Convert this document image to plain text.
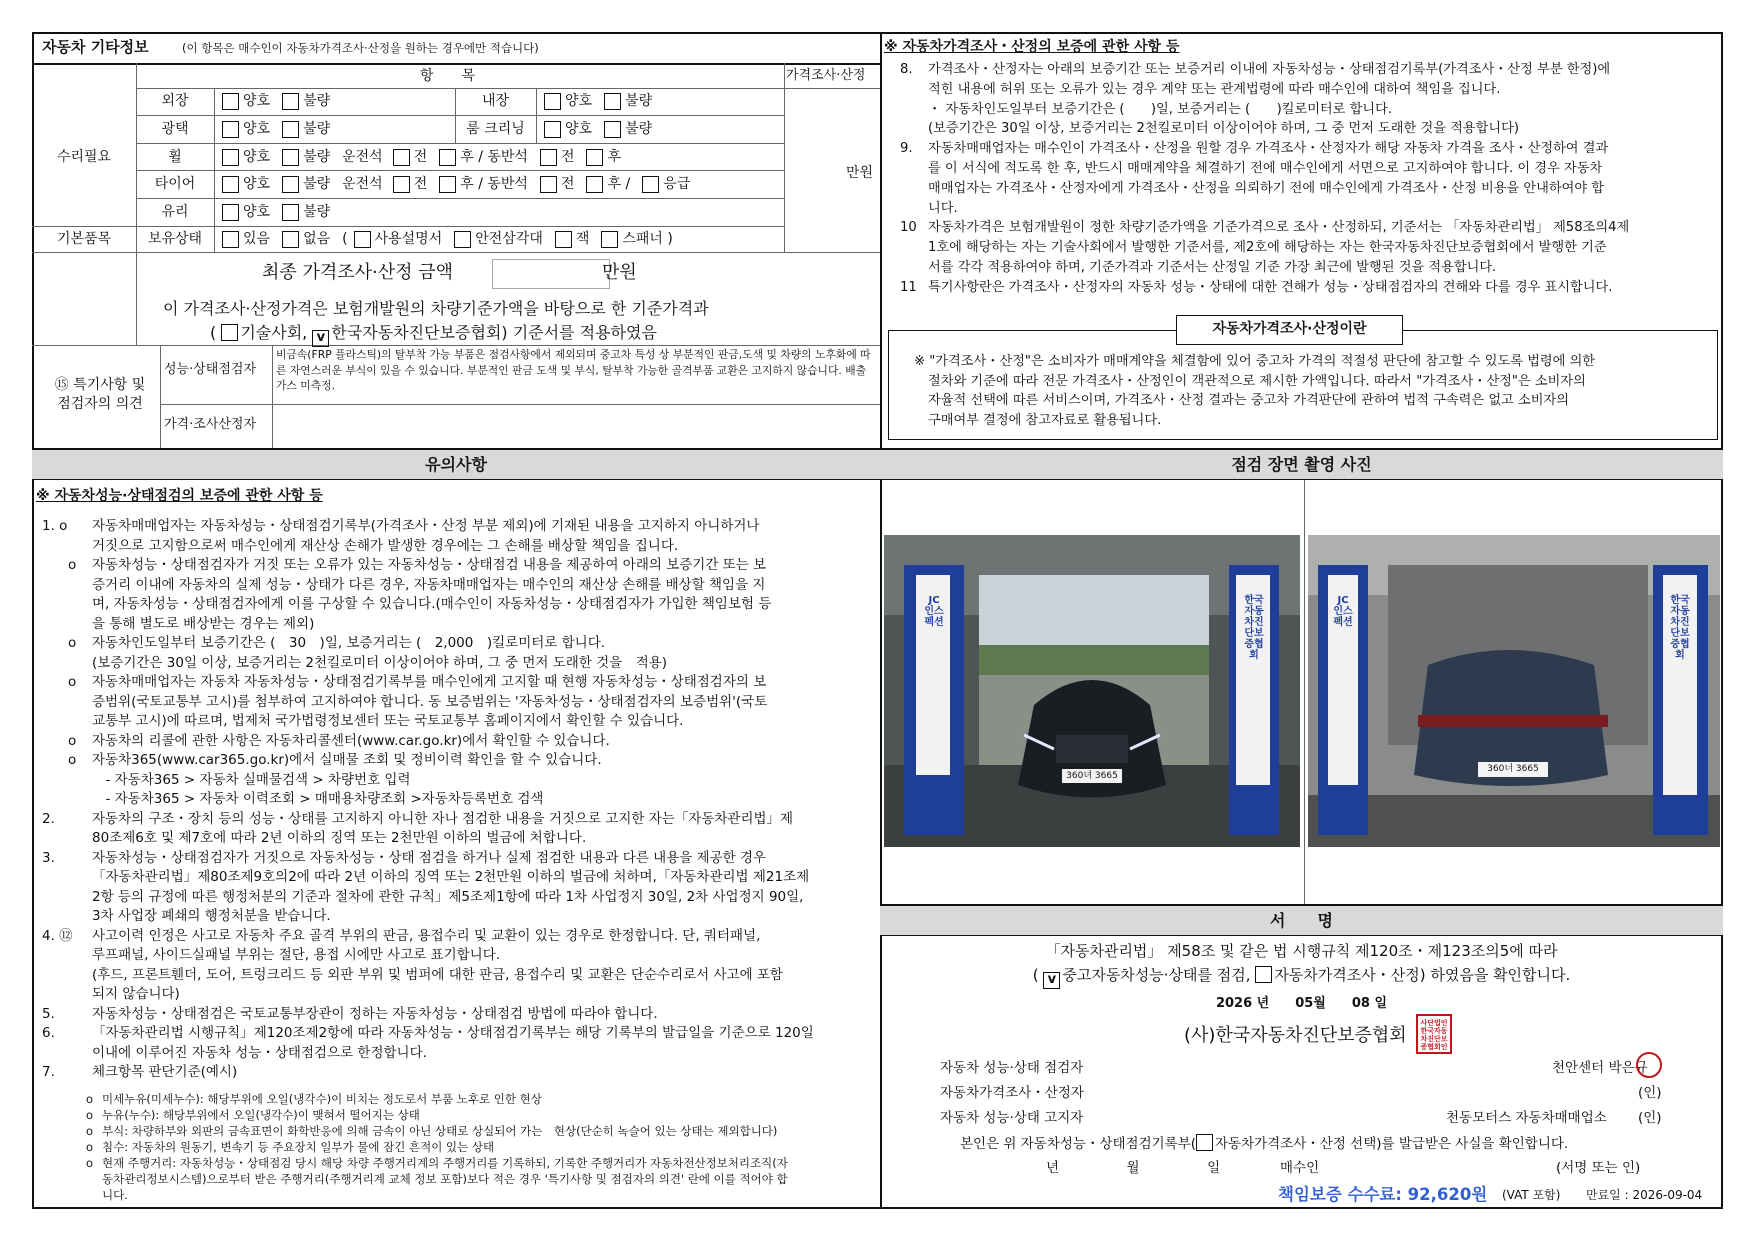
자동차 기타정보	(이 항목은 매수인이 자동차가격조사·산정을 원하는 경우에만 적습니다)
항　　목	가격조사·산정
수리필요
만원
외장	양호 불량	내장	양호 불량
광택	양호 불량	룸 크리닝	양호 불량
휠	양호 불량 운전석 전 후 / 동반석 전 후
타이어	양호 불량 운전석 전 후 / 동반석 전 후 / 응급
유리	양호 불량
기본품목	보유상태	있음 없음 ( 사용설명서 안전삼각대 잭 스패너 )
최종 가격조사·산정 금액	만원
이 가격조사·산정가격은 보험개발원의 차량기준가액을 바탕으로 한 기준가격과
( 기술사회, v 한국자동차진단보증협회) 기준서를 적용하였음
⑮ 특기사항 및
점검자의 의견
성능·상태점검자
비금속(FRP 플라스틱)의 탈부착 가능 부품은 점검사항에서 제외되며 중고차 특성 상 부분적인 판금,도색 및 차량의 노후화에 따른 자연스러운 부식이 있을 수 있습니다. 부분적인 판금 도색 및 부식, 탈부착 가능한 골격부품 교환은 고지하지 않습니다. 배출가스 미측정.
가격·조사산정자
※ 자동차가격조사・산정의 보증에 관한 사항 등
8. 가격조사・산정자는 아래의 보증기간 또는 보증거리 이내에 자동차성능・상태점검기록부(가격조사・산정 부분 한정)에
적힌 내용에 허위 또는 오류가 있는 경우 계약 또는 관계법령에 따라 매수인에 대하여 책임을 집니다.
・ 자동차인도일부터 보증기간은 (　　)일, 보증거리는 (　　)킬로미터로 합니다.
(보증기간은 30일 이상, 보증거리는 2천킬로미터 이상이어야 하며, 그 중 먼저 도래한 것을 적용합니다)
9. 자동차매매업자는 매수인이 가격조사・산정을 원할 경우 가격조사・산정자가 해당 자동차 가격을 조사・산정하여 결과
를 이 서식에 적도록 한 후, 반드시 매매계약을 체결하기 전에 매수인에게 서면으로 고지하여야 합니다. 이 경우 자동차
매매업자는 가격조사・산정자에게 가격조사・산정을 의뢰하기 전에 매수인에게 가격조사・산정 비용을 안내하여야 합
니다.
10 자동차가격은 보험개발원이 정한 차량기준가액을 기준가격으로 조사・산정하되, 기준서는 「자동차관리법」 제58조의4제
1호에 해당하는 자는 기술사회에서 발행한 기준서를, 제2호에 해당하는 자는 한국자동차진단보증협회에서 발행한 기준
서를 각각 적용하여야 하며, 기준가격과 기준서는 산정일 기준 가장 최근에 발행된 것을 적용합니다.
11 특기사항란은 가격조사・산정자의 자동차 성능・상태에 대한 견해가 성능・상태점검자의 견해와 다를 경우 표시합니다.
자동차가격조사·산정이란
※ "가격조사・산정"은 소비자가 매매계약을 체결함에 있어 중고차 가격의 적절성 판단에 참고할 수 있도록 법령에 의한
절차와 기준에 따라 전문 가격조사・산정인이 객관적으로 제시한 가액입니다. 따라서 "가격조사・산정"은 소비자의
자율적 선택에 따른 서비스이며, 가격조사・산정 결과는 중고차 가격판단에 관하여 법적 구속력은 없고 소비자의
구매여부 결정에 참고자료로 활용됩니다.
유의사항	점검 장면 촬영 사진
서　　명
※ 자동차성능·상태점검의 보증에 관한 사항 등
1. o 자동차매매업자는 자동차성능・상태점검기록부(가격조사・산정 부분 제외)에 기재된 내용을 고지하지 아니하거나
거짓으로 고지함으로써 매수인에게 재산상 손해가 발생한 경우에는 그 손해를 배상할 책임을 집니다.
o 자동차성능・상태점검자가 거짓 또는 오류가 있는 자동차성능・상태점검 내용을 제공하여 아래의 보증기간 또는 보
증거리 이내에 자동차의 실제 성능・상태가 다른 경우, 자동차매매업자는 매수인의 재산상 손해를 배상할 책임을 지
며, 자동차성능・상태점검자에게 이를 구상할 수 있습니다.(매수인이 자동차성능・상태점검자가 가입한 책임보험 등
을 통해 별도로 배상받는 경우는 제외)
o 자동차인도일부터 보증기간은 (　30　)일, 보증거리는 (　2,000　)킬로미터로 합니다.
(보증기간은 30일 이상, 보증거리는 2천킬로미터 이상이어야 하며, 그 중 먼저 도래한 것을　적용)
o 자동차매매업자는 자동차 자동차성능・상태점검기록부를 매수인에게 고지할 때 현행 자동차성능・상태점검자의 보
증범위(국토교통부 고시)를 첨부하여 고지하여야 합니다. 동 보증범위는 '자동차성능・상태점검자의 보증범위'(국토
교통부 고시)에 따르며, 법제처 국가법령정보센터 또는 국토교통부 홈페이지에서 확인할 수 있습니다.
o 자동차의 리콜에 관한 사항은 자동차리콜센터(www.car.go.kr)에서 확인할 수 있습니다.
o 자동차365(www.car365.go.kr)에서 실매물 조회 및 정비이력 확인을 할 수 있습니다.
　- 자동차365 > 자동차 실매물검색 > 차량번호 입력
　- 자동차365 > 자동차 이력조회 > 매매용차량조회 >자동차등록번호 검색
2.	자동차의 구조・장치 등의 성능・상태를 고지하지 아니한 자나 점검한 내용을 거짓으로 고지한 자는「자동차관리법」제
80조제6호 및 제7호에 따라 2년 이하의 징역 또는 2천만원 이하의 벌금에 처합니다.
3.	자동차성능・상태점검자가 거짓으로 자동차성능・상태 점검을 하거나 실제 점검한 내용과 다른 내용을 제공한 경우
「자동차관리법」제80조제9호의2에 따라 2년 이하의 징역 또는 2천만원 이하의 벌금에 처하며,「자동차관리법 제21조제
2항 등의 규정에 따른 행정처분의 기준과 절차에 관한 규칙」제5조제1항에 따라 1차 사업정지 30일, 2차 사업정지 90일,
3차 사업장 폐쇄의 행정처분을 받습니다.
4. ⑫ 사고이력 인정은 사고로 자동차 주요 골격 부위의 판금, 용접수리 및 교환이 있는 경우로 한정합니다. 단, 쿼터패널,
루프패널, 사이드실패널 부위는 절단, 용접 시에만 사고로 표기합니다.
(후드, 프론트휀더, 도어, 트렁크리드 등 외판 부위 및 범퍼에 대한 판금, 용접수리 및 교환은 단순수리로서 사고에 포함
되지 않습니다)
5.	자동차성능・상태점검은 국토교통부장관이 정하는 자동차성능・상태점검 방법에 따라야 합니다.
6.	「자동차관리법 시행규칙」제120조제2항에 따라 자동차성능・상태점검기록부는 해당 기록부의 발급일을 기준으로 120일
이내에 이루어진 자동차 성능・상태점검으로 한정합니다.
7.	체크항목 판단기준(예시)
o 미세누유(미세누수): 해당부위에 오일(냉각수)이 비치는 정도로서 부품 노후로 인한 현상
o 누유(누수): 해당부위에서 오일(냉각수)이 맺혀서 떨어지는 상태
o 부식: 차량하부와 외판의 금속표면이 화학반응에 의해 금속이 아닌 상태로 상실되어 가는　현상(단순히 녹슬어 있는 상태는 제외합니다)
o 침수: 자동차의 원동기, 변속기 등 주요장치 일부가 물에 잠긴 흔적이 있는 상태
o 현재 주행거리: 자동차성능・상태점검 당시 해당 차량 주행거리계의 주행거리를 기록하되, 기록한 주행거리가 자동차전산정보처리조직(자
동차관리정보시스템)으로부터 받은 주행거리(주행거리계 교체 정보 포함)보다 적은 경우 '특기사항 및 점검자의 의견' 란에 이를 적어야 합
니다.
JC 인스펙션
한국자동차진단보증협회
360녀 3665
JC 인스펙션
한국자동차진단보증협회
360너 3665
「자동차관리법」 제58조 및 같은 법 시행규칙 제120조・제123조의5에 따라
( v 중고자동차성능·상태를 점검, 자동차가격조사・산정) 하였음을 확인합니다.
2026 년　　05월　　08 일
(사)한국자동차진단보증협회
사단법인한국자동차진단보증협회인
자동차 성능·상태 점검자	천안센터 박은규
자동차가격조사・산정자	(인)
자동차 성능·상태 고지자	천동모터스 자동차매매업소 (인)
본인은 위 자동차성능・상태점검기록부( 자동차가격조사・산정 선택)를 발급받은 사실을 확인합니다.
년　　　　　월　　　　　일	매수인	(서명 또는 인)
책임보증 수수료: 92,620원 (VAT 포함) 만료일 : 2026-09-04
